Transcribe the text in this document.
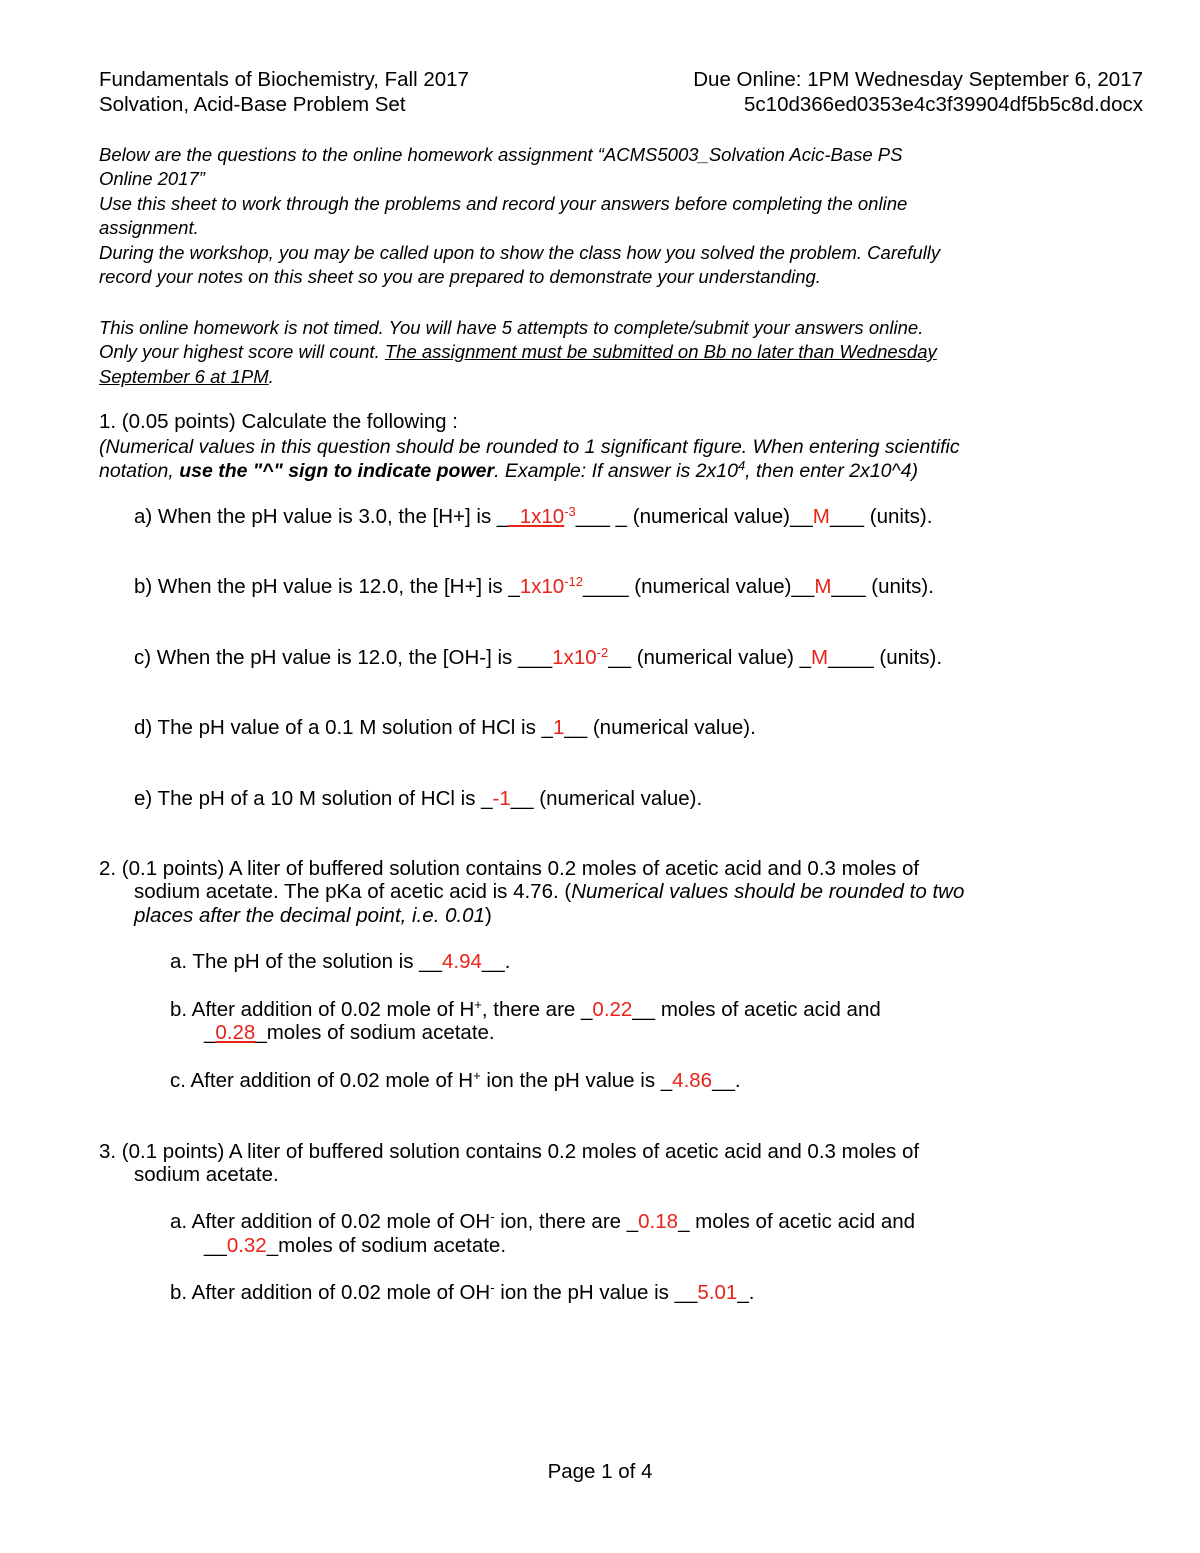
Fundamentals of Biochemistry, Fall 2017	Due Online: 1PM Wednesday September 6, 2017
Solvation, Acid-Base Problem Set	5c10d366ed0353e4c3f39904df5b5c8d.docx
Below are the questions to the online homework assignment “ACMS5003_Solvation Acic-Base PS
Online 2017”
Use this sheet to work through the problems and record your answers before completing the online
assignment.
During the workshop, you may be called upon to show the class how you solved the problem. Carefully
record your notes on this sheet so you are prepared to demonstrate your understanding.
This online homework is not timed. You will have 5 attempts to complete/submit your answers online.
Only your highest score will count. The assignment must be submitted on Bb no later than Wednesday
September 6 at 1PM.
1. (0.05 points) Calculate the following :
(Numerical values in this question should be rounded to 1 significant figure. When entering scientific
notation, use the "^" sign to indicate power. Example: If answer is $2x10^4$, then enter 2x10^4)
a) When the pH value is 3.0, the [H+] is $\_\_1x10^{-3}\_\_\_$ _ (numerical value)__M___ (units).
b) When the pH value is 12.0, the [H+] is $\_1x10^{-12}\_\_\_\_$ (numerical value)__M___ (units).
c) When the pH value is 12.0, the [OH-] is $\_\_\_1x10^{-2}\_\_$ (numerical value) _M____ (units).
d) The pH value of a 0.1 M solution of HCl is _1__ (numerical value).
e) The pH of a 10 M solution of HCl is _-1__ (numerical value).
2. (0.1 points) A liter of buffered solution contains 0.2 moles of acetic acid and 0.3 moles of
sodium acetate. The pKa of acetic acid is 4.76. (Numerical values should be rounded to two
places after the decimal point, i.e. 0.01)
a. The pH of the solution is __4.94__.
b. After addition of 0.02 mole of H+, there are _0.22__ moles of acetic acid and
_0.28_moles of sodium acetate.
c. After addition of 0.02 mole of H+ ion the pH value is _4.86__.
3. (0.1 points) A liter of buffered solution contains 0.2 moles of acetic acid and 0.3 moles of
sodium acetate.
a. After addition of 0.02 mole of OH- ion, there are _0.18_ moles of acetic acid and
__0.32_moles of sodium acetate.
b. After addition of 0.02 mole of OH- ion the pH value is __5.01_.
Page 1 of 4
